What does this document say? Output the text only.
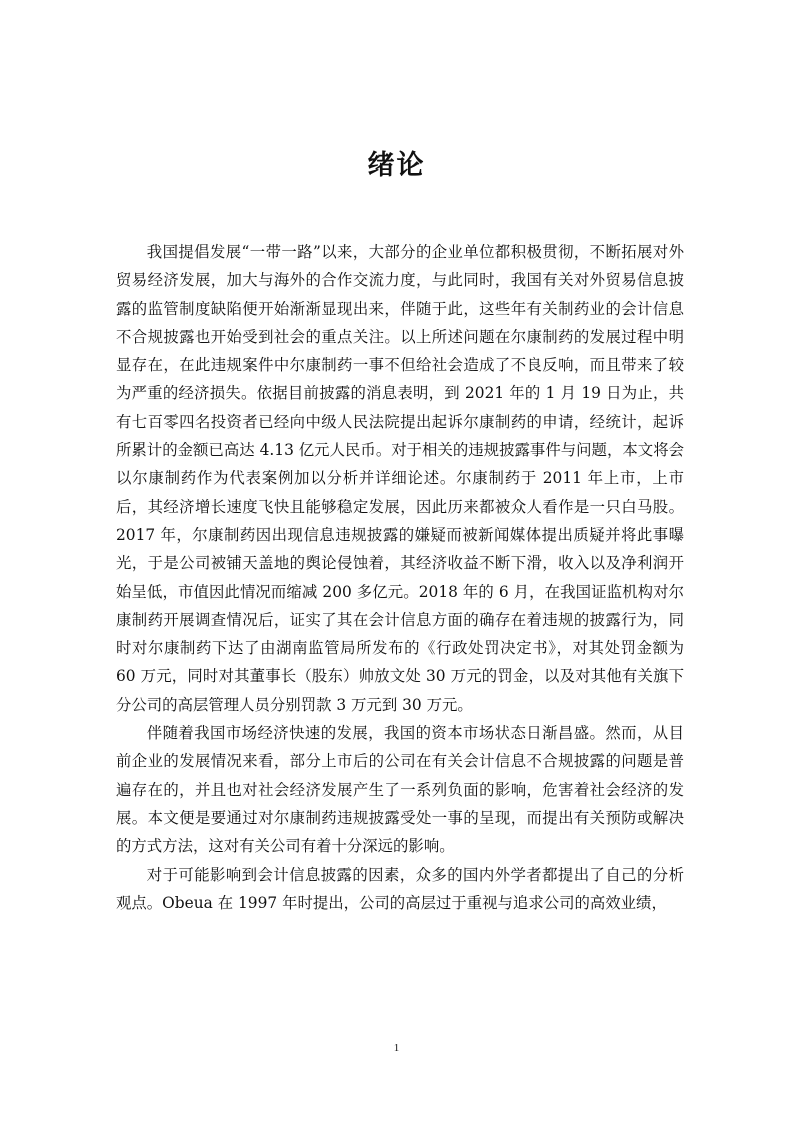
绪论

我国提倡发展“一带一路”以来，大部分的企业单位都积极贯彻，不断拓展对外贸易经济发展，加大与海外的合作交流力度，与此同时，我国有关对外贸易信息披露的监管制度缺陷便开始渐渐显现出来，伴随于此，这些年有关制药业的会计信息不合规披露也开始受到社会的重点关注。以上所述问题在尔康制药的发展过程中明显存在，在此违规案件中尔康制药一事不但给社会造成了不良反响，而且带来了较为严重的经济损失。依据目前披露的消息表明，到 2021 年的 1 月 19 日为止，共有七百零四名投资者已经向中级人民法院提出起诉尔康制药的申请，经统计，起诉所累计的金额已高达 4.13 亿元人民币。对于相关的违规披露事件与问题，本文将会以尔康制药作为代表案例加以分析并详细论述。尔康制药于 2011 年上市，上市后，其经济增长速度飞快且能够稳定发展，因此历来都被众人看作是一只白马股。2017 年，尔康制药因出现信息违规披露的嫌疑而被新闻媒体提出质疑并将此事曝光，于是公司被铺天盖地的舆论侵蚀着，其经济收益不断下滑，收入以及净利润开始呈低，市值因此情况而缩减 200 多亿元。2018 年的 6 月，在我国证监机构对尔康制药开展调查情况后，证实了其在会计信息方面的确存在着违规的披露行为，同时对尔康制药下达了由湖南监管局所发布的《行政处罚决定书》，对其处罚金额为 60 万元，同时对其董事长（股东）帅放文处 30 万元的罚金，以及对其他有关旗下分公司的高层管理人员分别罚款 3 万元到 30 万元。

伴随着我国市场经济快速的发展，我国的资本市场状态日渐昌盛。然而，从目前企业的发展情况来看，部分上市后的公司在有关会计信息不合规披露的问题是普遍存在的，并且也对社会经济发展产生了一系列负面的影响，危害着社会经济的发展。本文便是要通过对尔康制药违规披露受处一事的呈现，而提出有关预防或解决的方式方法，这对有关公司有着十分深远的影响。

对于可能影响到会计信息披露的因素，众多的国内外学者都提出了自己的分析观点。Obeua 在 1997 年时提出，公司的高层过于重视与追求公司的高效业绩，

1
